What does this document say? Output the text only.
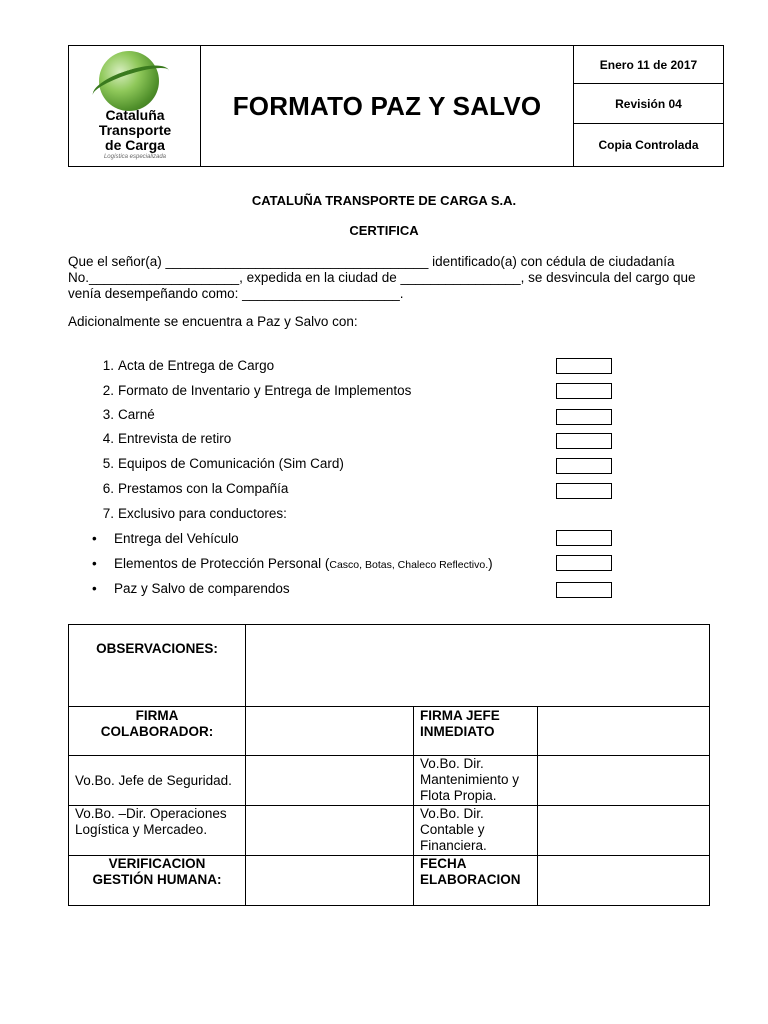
Cataluña
Transporte
de Carga
Logística especializada
FORMATO PAZ Y SALVO
Enero 11 de 2017
Revisión 04
Copia Controlada
CATALUÑA TRANSPORTE DE CARGA S.A.
CERTIFICA
Que el señor(a) ___________________________________ identificado(a) con cédula de ciudadanía
No.____________________, expedida en la ciudad de ________________, se desvincula del cargo que
venía desempeñando como: _____________________.
Adicionalmente se encuentra a Paz y Salvo con:
1. Acta de Entrega de Cargo
2. Formato de Inventario y Entrega de Implementos
3. Carné
4. Entrevista de retiro
5. Equipos de Comunicación (Sim Card)
6. Prestamos con la Compañía
7. Exclusivo para conductores:
• Entrega del Vehículo
• Elementos de Protección Personal (Casco, Botas, Chaleco Reflectivo.)
• Paz y Salvo de comparendos
OBSERVACIONES:
FIRMA
COLABORADOR:
FIRMA JEFE
INMEDIATO
Vo.Bo. Jefe de Seguridad.
Vo.Bo. Dir.
Mantenimiento y
Flota Propia.
Vo.Bo. –Dir. Operaciones
Logística y Mercadeo.
Vo.Bo. Dir.
Contable y
Financiera.
VERIFICACION
GESTIÓN HUMANA:
FECHA
ELABORACION
